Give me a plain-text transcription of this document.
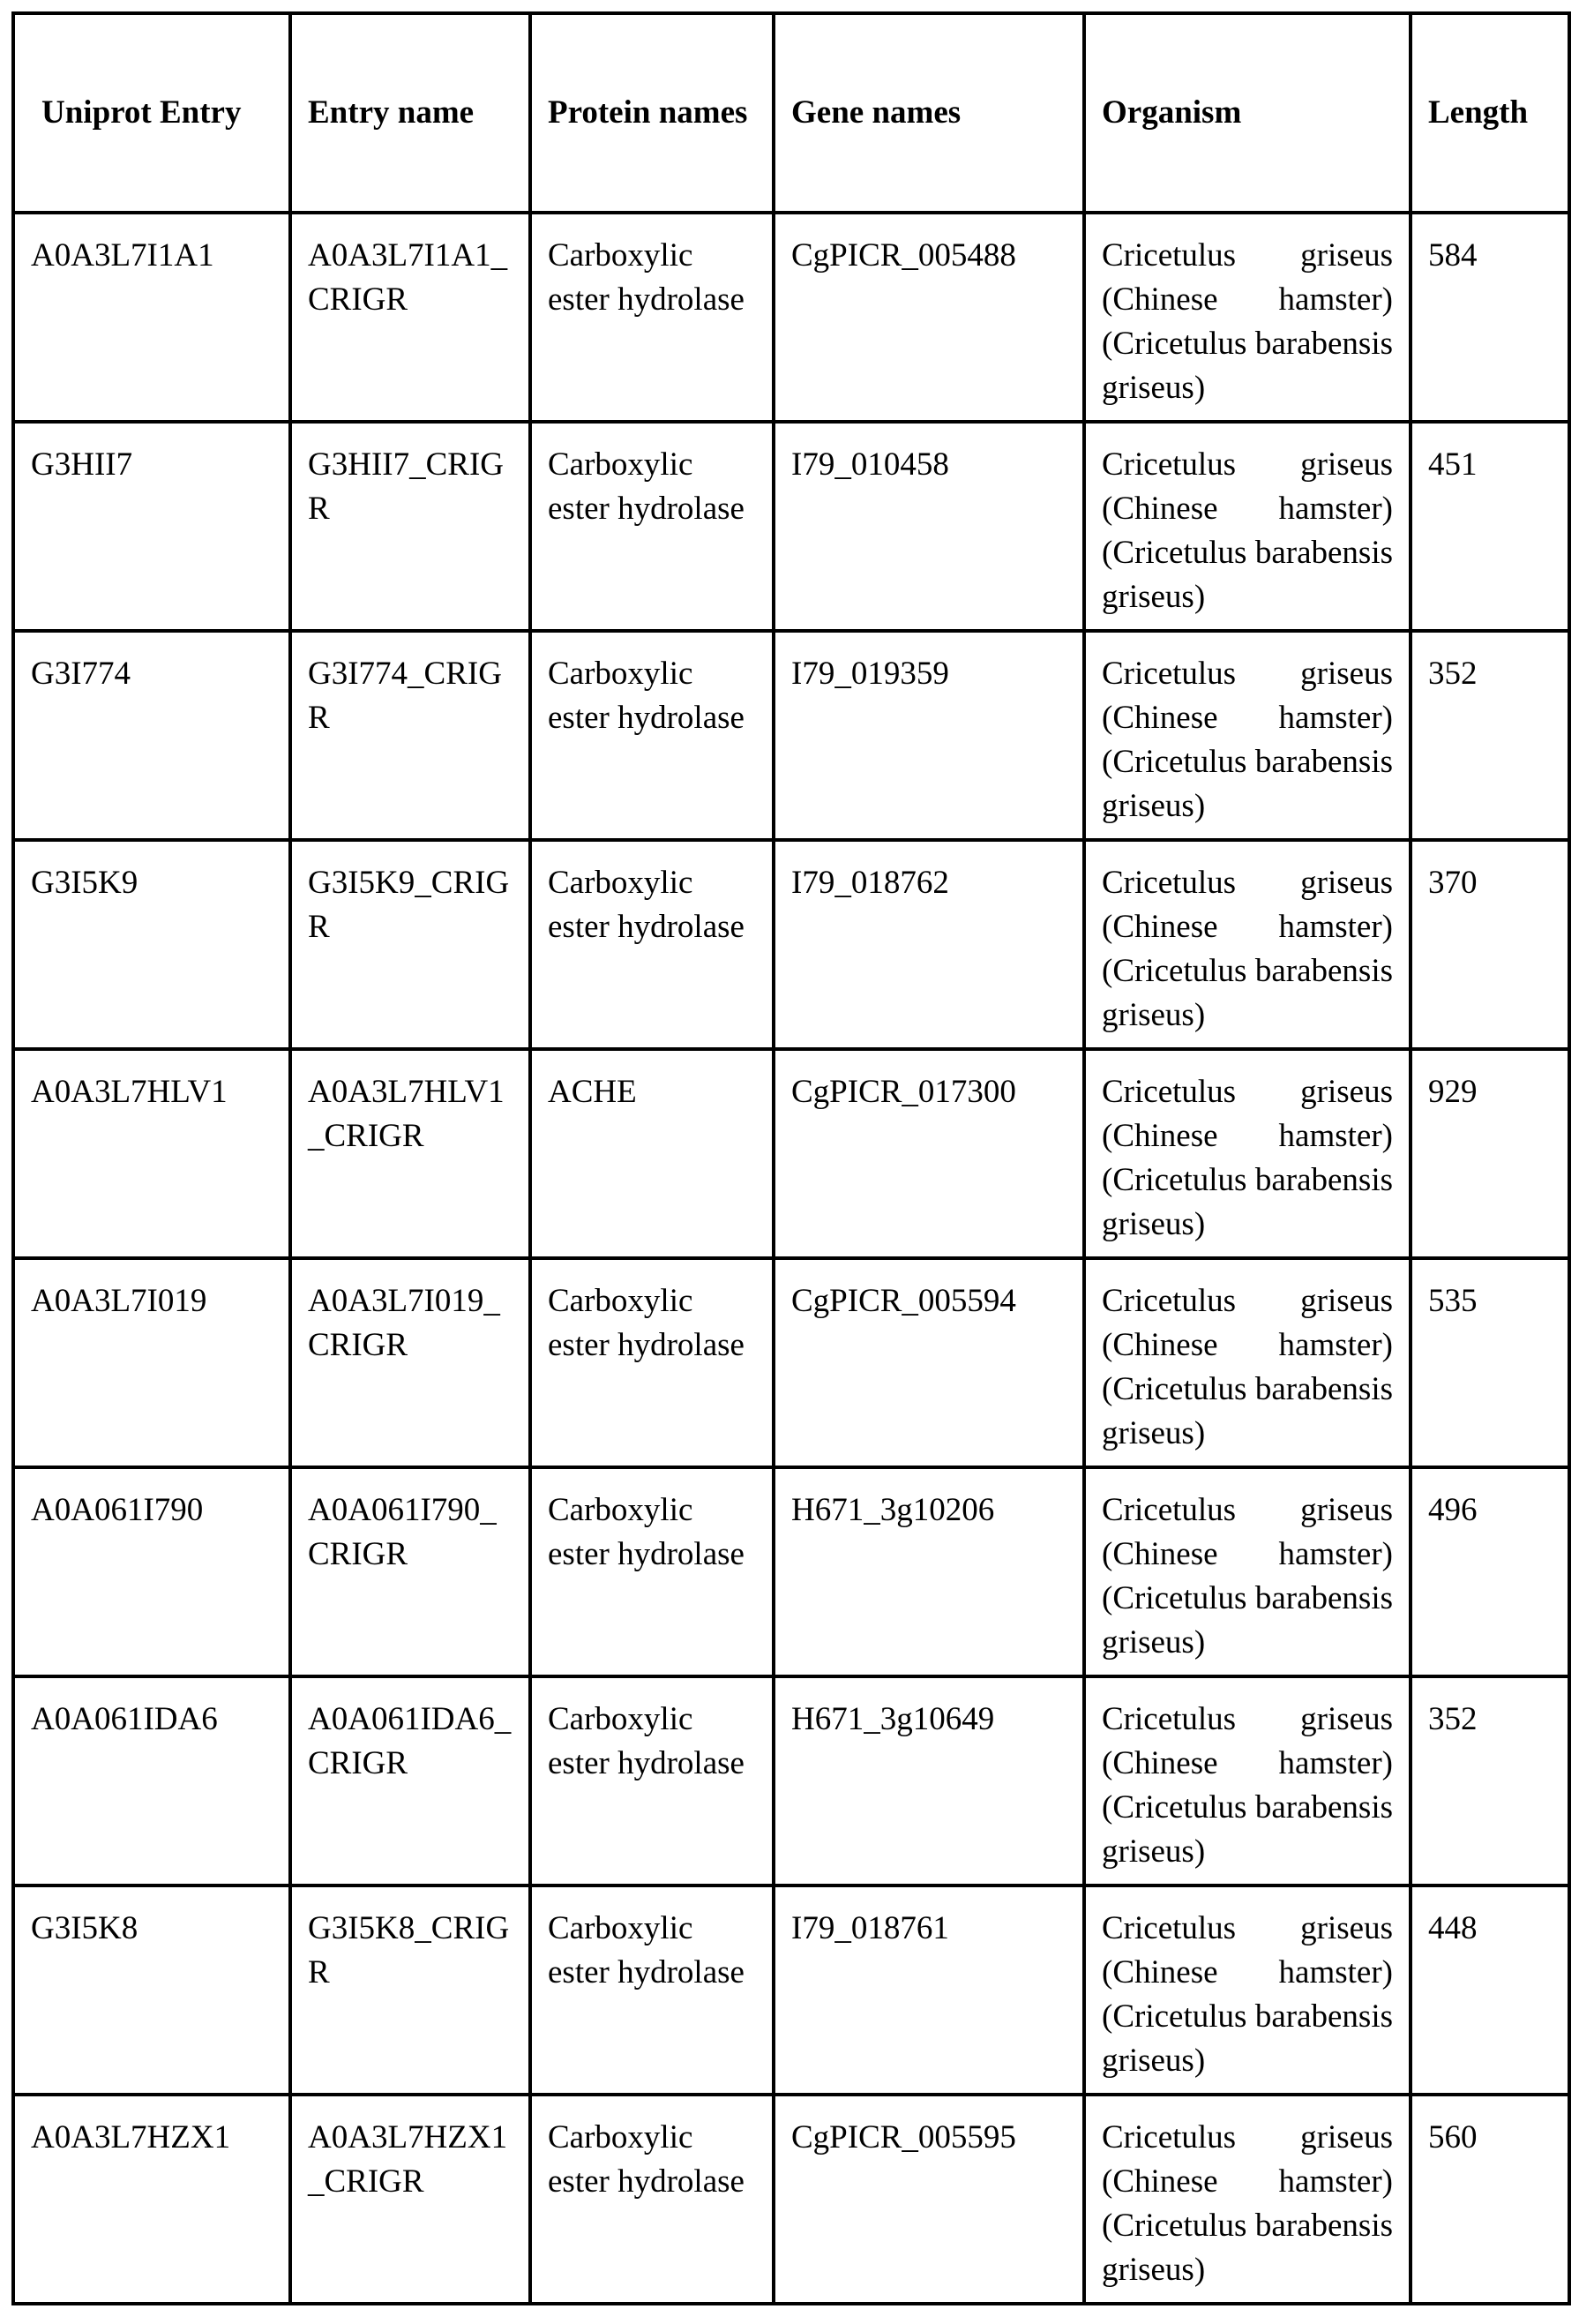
Uniprot Entry	Entry name	Protein names	Gene names	Organism	Length
A0A3L7I1A1	A0A3L7I1A1_CRIGR	Carboxylic ester hydrolase	CgPICR_005488	Cricetulus griseus (Chinese hamster) (Cricetulus barabensis griseus)	584
G3HII7	G3HII7_CRIGR	Carboxylic ester hydrolase	I79_010458	Cricetulus griseus (Chinese hamster) (Cricetulus barabensis griseus)	451
G3I774	G3I774_CRIGR	Carboxylic ester hydrolase	I79_019359	Cricetulus griseus (Chinese hamster) (Cricetulus barabensis griseus)	352
G3I5K9	G3I5K9_CRIGR	Carboxylic ester hydrolase	I79_018762	Cricetulus griseus (Chinese hamster) (Cricetulus barabensis griseus)	370
A0A3L7HLV1	A0A3L7HLV1_CRIGR	ACHE	CgPICR_017300	Cricetulus griseus (Chinese hamster) (Cricetulus barabensis griseus)	929
A0A3L7I019	A0A3L7I019_CRIGR	Carboxylic ester hydrolase	CgPICR_005594	Cricetulus griseus (Chinese hamster) (Cricetulus barabensis griseus)	535
A0A061I790	A0A061I790_CRIGR	Carboxylic ester hydrolase	H671_3g10206	Cricetulus griseus (Chinese hamster) (Cricetulus barabensis griseus)	496
A0A061IDA6	A0A061IDA6_CRIGR	Carboxylic ester hydrolase	H671_3g10649	Cricetulus griseus (Chinese hamster) (Cricetulus barabensis griseus)	352
G3I5K8	G3I5K8_CRIGR	Carboxylic ester hydrolase	I79_018761	Cricetulus griseus (Chinese hamster) (Cricetulus barabensis griseus)	448
A0A3L7HZX1	A0A3L7HZX1_CRIGR	Carboxylic ester hydrolase	CgPICR_005595	Cricetulus griseus (Chinese hamster) (Cricetulus barabensis griseus)	560
